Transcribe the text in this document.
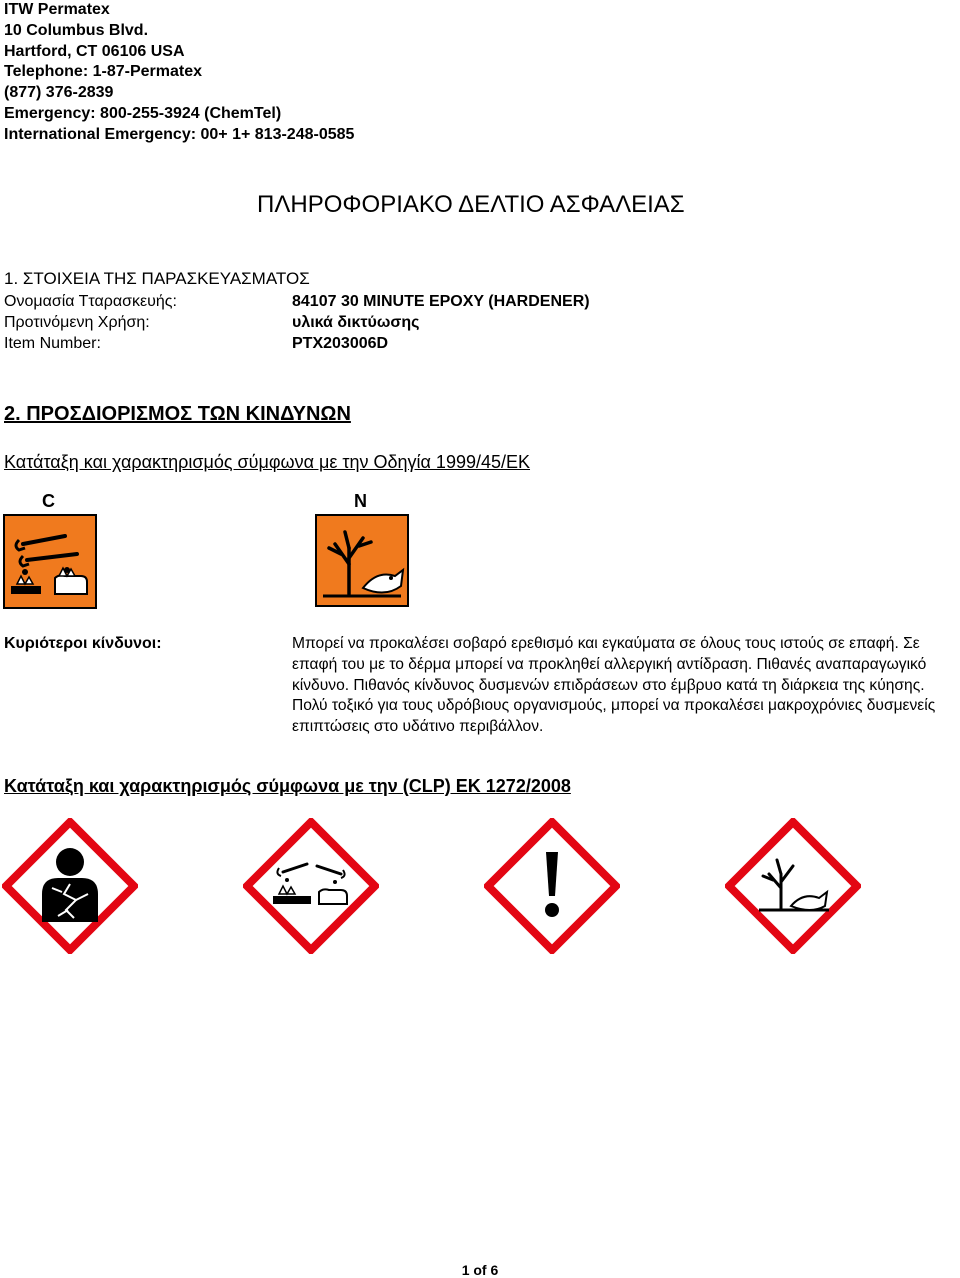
ITW Permatex
10 Columbus Blvd.
Hartford, CT 06106 USA
Telephone: 1-87-Permatex
(877) 376-2839
Emergency: 800-255-3924 (ChemTel)
International Emergency: 00+ 1+ 813-248-0585
ΠΛΗΡΟΦΟΡΙΑΚΟ ΔΕΛΤΙΟ ΑΣΦΑΛΕΙΑΣ
1. ΣΤΟΙΧΕΙΑ ΤΗΣ ΠΑΡΑΣΚΕΥΑΣΜΑΤΟΣ
Ονομασία Τταρασκευής:	84107 30 MINUTE EPOXY (HARDENER)
Προτινόμενη Χρήση:	υλικά δικτύωσης
Item Number:	PTX203006D
2. ΠΡΟΣΔΙΟΡΙΣΜΟΣ ΤΩΝ ΚΙΝΔΥΝΩΝ
Κατάταξη και χαρακτηρισμός σύμφωνα με την Οδηγία 1999/45/ΕΚ
C	N
Κυριότεροι κίνδυνοι:	Μπορεί να προκαλέσει σοβαρό ερεθισμό και εγκαύματα σε όλους τους ιστούς σε επαφή. Σε επαφή του με το δέρμα μπορεί να προκληθεί αλλεργική αντίδραση. Πιθανές αναπαραγωγικό κίνδυνο. Πιθανός κίνδυνος δυσμενών επιδράσεων στο έμβρυο κατά τη διάρκεια της κύησης. Πολύ τοξικό για τους υδρόβιους οργανισμούς, μπορεί να προκαλέσει μακροχρόνιες δυσμενείς επιπτώσεις στο υδάτινο περιβάλλον.
Κατάταξη και χαρακτηρισμός σύμφωνα με την (CLP) ΕΚ 1272/2008
1 of 6
